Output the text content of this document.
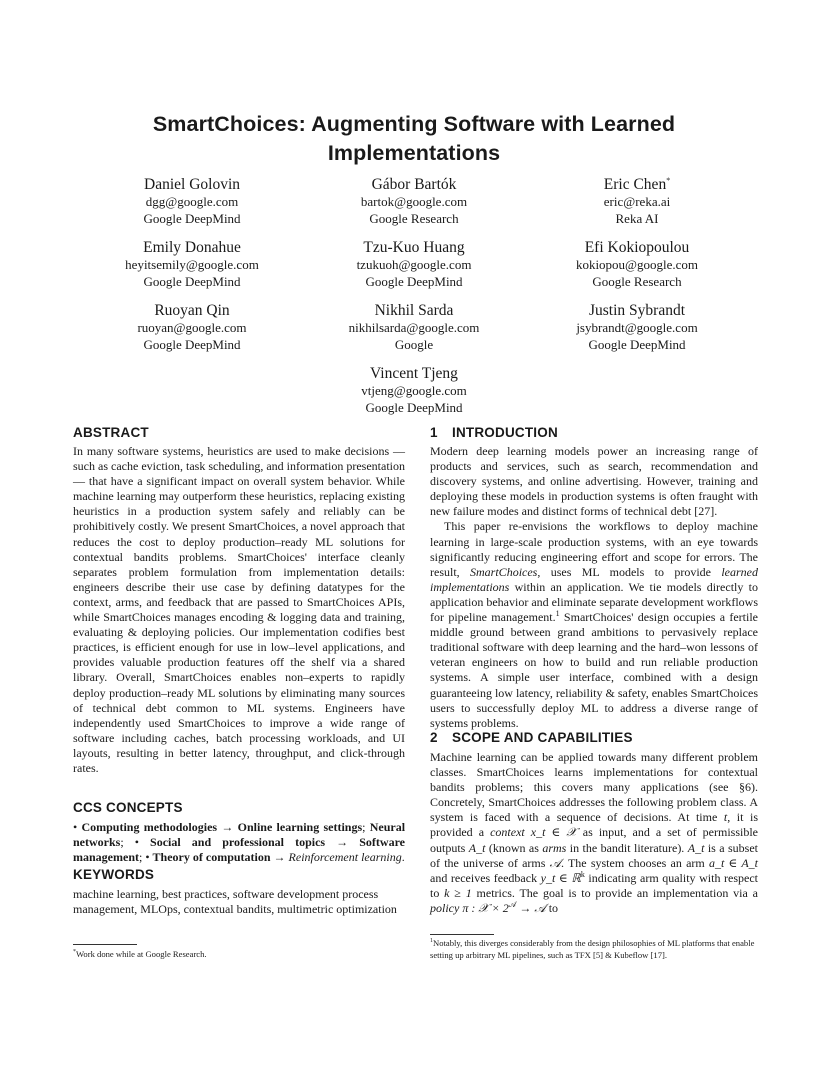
SmartChoices: Augmenting Software with Learned Implementations
Daniel Golovin
dgg@google.com
Google DeepMind
Gábor Bartók
bartok@google.com
Google Research
Eric Chen*
eric@reka.ai
Reka AI
Emily Donahue
heyitsemily@google.com
Google DeepMind
Tzu-Kuo Huang
tzukuoh@google.com
Google DeepMind
Efi Kokiopoulou
kokiopou@google.com
Google Research
Ruoyan Qin
ruoyan@google.com
Google DeepMind
Nikhil Sarda
nikhilsarda@google.com
Google
Justin Sybrandt
jsybrandt@google.com
Google DeepMind
Vincent Tjeng
vtjeng@google.com
Google DeepMind
ABSTRACT

In many software systems, heuristics are used to make decisions — such as cache eviction, task scheduling, and information presentation — that have a significant impact on overall system behavior. While machine learning may outperform these heuristics, replacing existing heuristics in a production system safely and reliably can be prohibitively costly. We present SmartChoices, a novel approach that reduces the cost to deploy production–ready ML solutions for contextual bandits problems. SmartChoices' interface cleanly separates problem formulation from implementation details: engineers describe their use case by defining datatypes for the context, arms, and feedback that are passed to SmartChoices APIs, while SmartChoices manages encoding & logging data and training, evaluating & deploying policies. Our implementation codifies best practices, is efficient enough for use in low–level applications, and provides valuable production features off the shelf via a shared library. Overall, SmartChoices enables non–experts to rapidly deploy production–ready ML solutions by eliminating many sources of technical debt common to ML systems. Engineers have independently used SmartChoices to improve a wide range of software including caches, batch processing workloads, and UI layouts, resulting in better latency, throughput, and click-through rates.

CCS CONCEPTS

• Computing methodologies → Online learning settings; Neural networks; • Social and professional topics → Software management; • Theory of computation → Reinforcement learning.

KEYWORDS

machine learning, best practices, software development process management, MLOps, contextual bandits, multimetric optimization

*Work done while at Google Research.
1 INTRODUCTION

Modern deep learning models power an increasing range of products and services, such as search, recommendation and discovery systems, and online advertising. However, training and deploying these models in production systems is often fraught with new failure modes and distinct forms of technical debt [27].

This paper re-envisions the workflows to deploy machine learning in large-scale production systems, with an eye towards significantly reducing engineering effort and scope for errors. The result, SmartChoices, uses ML models to provide learned implementations within an application. We tie models directly to application behavior and eliminate separate development workflows for pipeline management.$^1$ SmartChoices' design occupies a fertile middle ground between grand ambitions to pervasively replace traditional software with deep learning and the hard–won lessons of veteran engineers on how to build and run reliable production systems. A simple user interface, combined with a design guaranteeing low latency, reliability & safety, enables SmartChoices users to successfully deploy ML to address a diverse range of systems problems.

2 SCOPE AND CAPABILITIES

Machine learning can be applied towards many different problem classes. SmartChoices learns implementations for contextual bandits problems; this covers many applications (see §6). Concretely, SmartChoices addresses the following problem class. A system is faced with a sequence of decisions. At time t, it is provided a context x_t ∈ 𝒳 as input, and a set of permissible outputs A_t (known as arms in the bandit literature). A_t is a subset of the universe of arms 𝒜. The system chooses an arm a_t ∈ A_t and receives feedback y_t ∈ ℝ$^k$ indicating arm quality with respect to k ≥ 1 metrics. The goal is to provide an implementation via a policy π : 𝒳 × $2^𝒜$ → 𝒜 to

$^1$Notably, this diverges considerably from the design philosophies of ML platforms that enable setting up arbitrary ML pipelines, such as TFX [5] & Kubeflow [17].
